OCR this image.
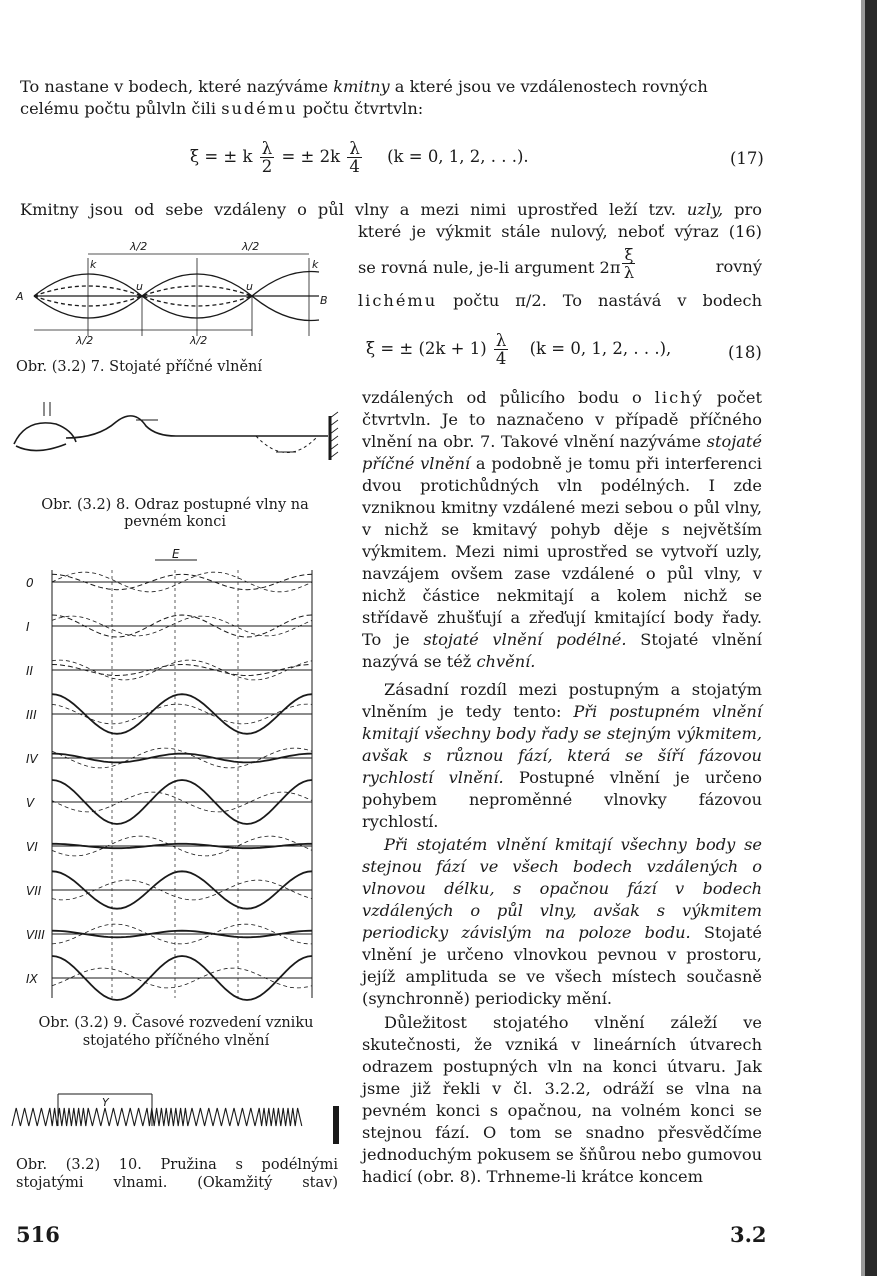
To nastane v bodech, které nazýváme kmitny a které jsou ve vzdálenostech rovných
celému počtu půlvln čili sudému počtu čtvrtvln:
ξ = ± k $\frac{\lambda}{2}$ = ± $2k \frac{\lambda}{4} (k = 0$, 1, 2, . . .).	(17)
Kmitny jsou od sebe vzdáleny o půl vlny a mezi nimi uprostřed leží tzv. uzly, pro
které je výkmit stále nulový, neboť výraz (16)
se rovná nule, je-li argument $2\pi \frac{\xi}{\lambda}$	rovný
lichému počtu π/2. To nastává v bodech
ξ = ± $(2k + 1) \frac{\lambda}{4} (k = 0$, 1, 2, . . .),	(18)

vzdálených od půlicího bodu o lichý počet čtvrtvln. Je to naznačeno v případě příčného vlnění na obr. 7. Takové vlnění nazýváme stojaté příčné vlnění a podobně je tomu při interferenci dvou protichůdných vln podélných. I zde vzniknou kmitny vzdálené mezi sebou o půl vlny, v nichž se kmitavý pohyb děje s největším výkmitem. Mezi nimi uprostřed se vytvoří uzly, navzájem ovšem zase vzdálené o půl vlny, v nichž částice nekmitají a kolem nichž se střídavě zhušťují a zřeďují kmitající body řady. To je stojaté vlnění podélné. Stojaté vlnění nazývá se též chvění.

Zásadní rozdíl mezi postupným a stojatým vlněním je tedy tento: Při postupném vlnění kmitají všechny body řady se stejným výkmitem, avšak s různou fází, která se šíří fázovou rychlostí vlnění. Postupné vlnění je určeno pohybem neproměnné vlnovky fázovou rychlostí.

Při stojatém vlnění kmitají všechny body se stejnou fází ve všech bodech vzdálených o vlnovou délku, s opačnou fází v bodech vzdálených o půl vlny, avšak s výkmitem periodicky závislým na poloze bodu. Stojaté vlnění je určeno vlnovkou pevnou v prostoru, jejíž amplituda se ve všech místech současně (synchronně) periodicky mění.

Důležitost stojatého vlnění záleží ve skutečnosti, že vzniká v lineárních útvarech odrazem postupných vln na konci útvaru. Jak jsme již řekli v čl. 3.2.2, odráží se vlna na pevném konci s opačnou, na volném konci se stejnou fází. O tom se snadno přesvědčíme jednoduchým pokusem se šňůrou nebo gumovou hadicí (obr. 8). Trhneme-li krátce koncem

λ/2	λ/2
λ/2	λ/2
A	B
k	k
u	u
Obr. (3.2) 7. Stojaté příčné vlnění
Obr. (3.2) 8. Odraz postupné vlny na
pevném konci
E
0
I
II
III
IV
V
VI
VII
VIII
IX
Obr. (3.2) 9. Časové rozvedení vzniku
stojatého příčného vlnění
Y
Obr. (3.2) 10. Pružina s podélnými
stojatými vlnami. (Okamžitý stav)
516	3.2
